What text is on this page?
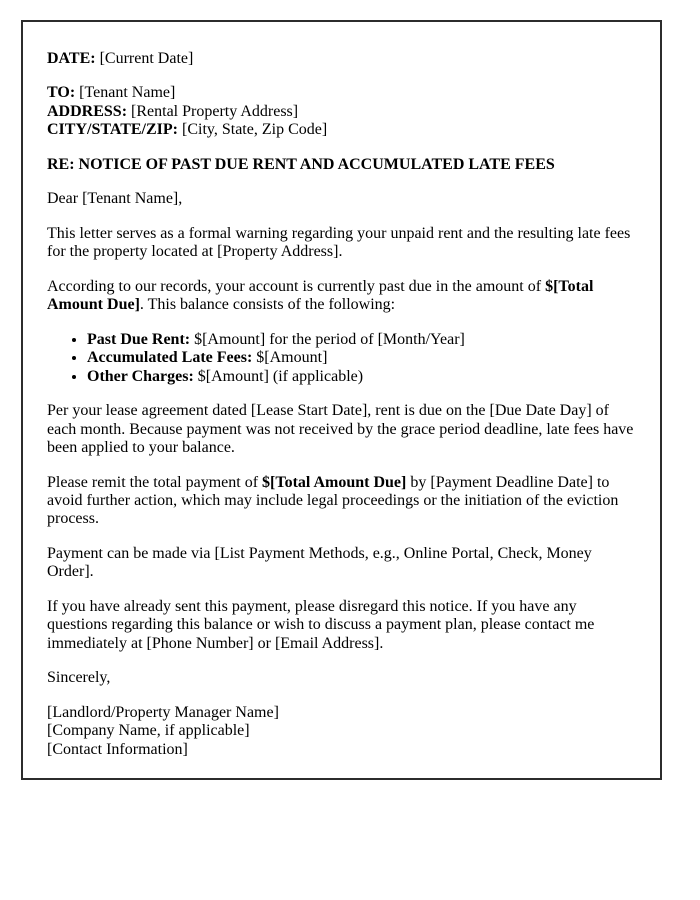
DATE: [Current Date]

TO: [Tenant Name]
ADDRESS: [Rental Property Address]
CITY/STATE/ZIP: [City, State, Zip Code]

RE: NOTICE OF PAST DUE RENT AND ACCUMULATED LATE FEES

Dear [Tenant Name],

This letter serves as a formal warning regarding your unpaid rent and the resulting late fees for the property located at [Property Address].

According to our records, your account is currently past due in the amount of $[Total Amount Due]. This balance consists of the following:

• Past Due Rent: $[Amount] for the period of [Month/Year]
• Accumulated Late Fees: $[Amount]
• Other Charges: $[Amount] (if applicable)

Per your lease agreement dated [Lease Start Date], rent is due on the [Due Date Day] of each month. Because payment was not received by the grace period deadline, late fees have been applied to your balance.

Please remit the total payment of $[Total Amount Due] by [Payment Deadline Date] to avoid further action, which may include legal proceedings or the initiation of the eviction process.

Payment can be made via [List Payment Methods, e.g., Online Portal, Check, Money Order].

If you have already sent this payment, please disregard this notice. If you have any questions regarding this balance or wish to discuss a payment plan, please contact me immediately at [Phone Number] or [Email Address].

Sincerely,

[Landlord/Property Manager Name]
[Company Name, if applicable]
[Contact Information]
